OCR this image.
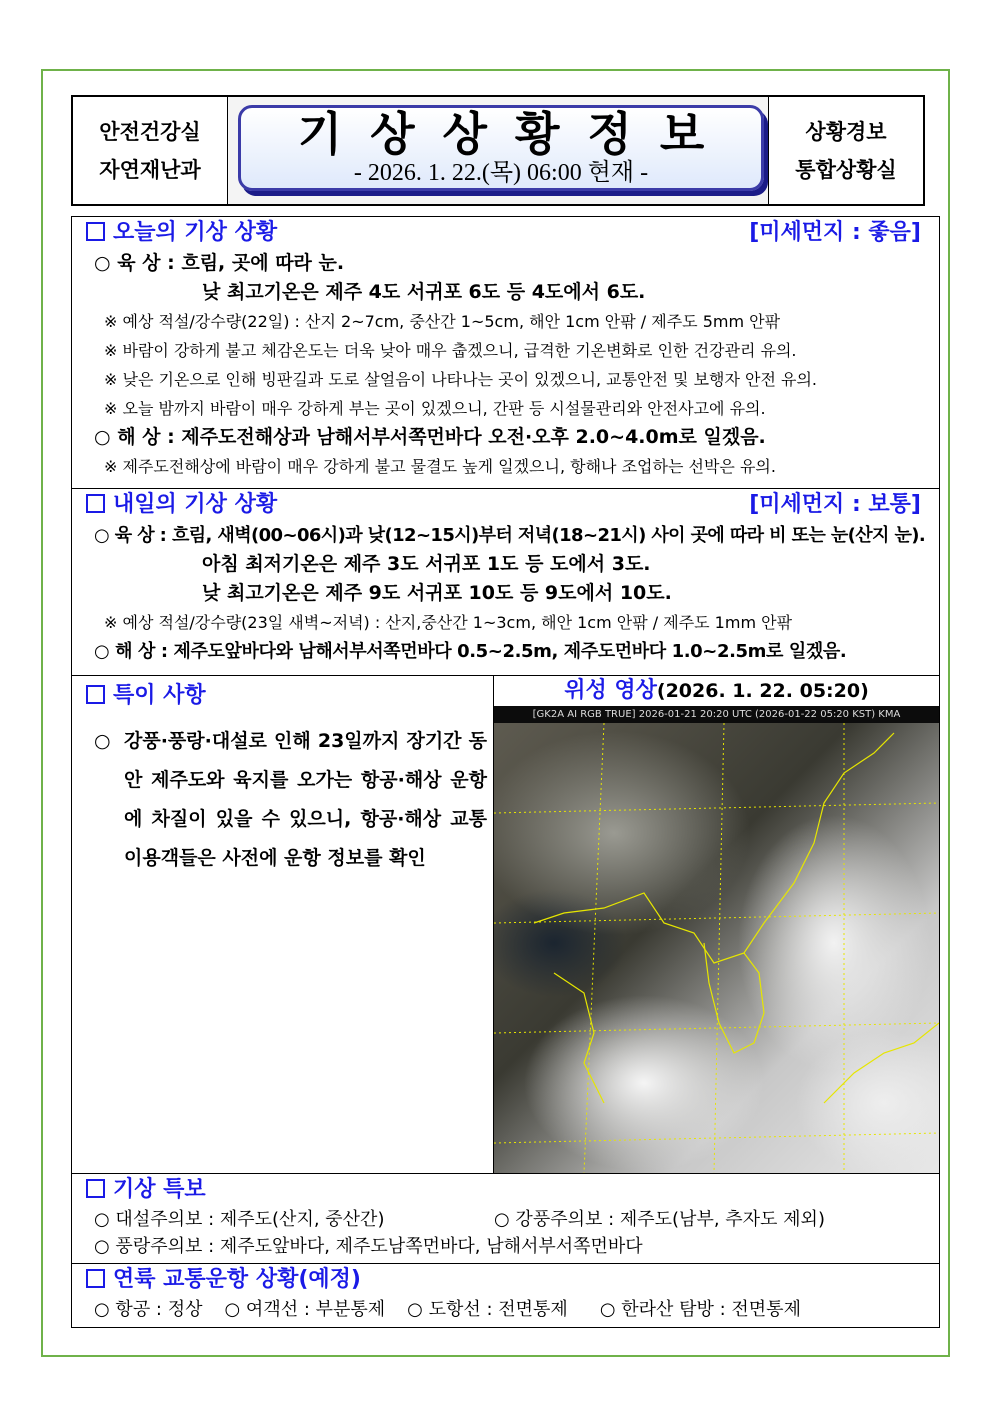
안전건강실
자연재난과
기상상황정보
- 2026. 1. 22.(목) 06:00 현재 -
상황경보
통합상황실
오늘의 기상 상황	[미세먼지 : 좋음]
○ 육 상 : 흐림, 곳에 따라 눈.
낮 최고기온은 제주 4도 서귀포 6도 등 4도에서 6도.
※ 예상 적설/강수량(22일) : 산지 2~7cm, 중산간 1~5cm, 해안 1cm 안팎 / 제주도 5mm 안팎
※ 바람이 강하게 불고 체감온도는 더욱 낮아 매우 춥겠으니, 급격한 기온변화로 인한 건강관리 유의.
※ 낮은 기온으로 인해 빙판길과 도로 살얼음이 나타나는 곳이 있겠으니, 교통안전 및 보행자 안전 유의.
※ 오늘 밤까지 바람이 매우 강하게 부는 곳이 있겠으니, 간판 등 시설물관리와 안전사고에 유의.
○ 해 상 : 제주도전해상과 남해서부서쪽먼바다 오전·오후 2.0~4.0m로 일겠음.
※ 제주도전해상에 바람이 매우 강하게 불고 물결도 높게 일겠으니, 항해나 조업하는 선박은 유의.
내일의 기상 상황	[미세먼지 : 보통]
○ 육 상 : 흐림, 새벽(00~06시)과 낮(12~15시)부터 저녁(18~21시) 사이 곳에 따라 비 또는 눈(산지 눈).
아침 최저기온은 제주 3도 서귀포 1도 등 도에서 3도.
낮 최고기온은 제주 9도 서귀포 10도 등 9도에서 10도.
※ 예상 적설/강수량(23일 새벽~저녁) : 산지,중산간 1~3cm, 해안 1cm 안팎 / 제주도 1mm 안팎
○ 해 상 : 제주도앞바다와 남해서부서쪽먼바다 0.5~2.5m, 제주도먼바다 1.0~2.5m로 일겠음.
특이 사항
○ 강풍·풍랑·대설로 인해 23일까지 장기간 동안 제주도와 육지를 오가는 항공·해상 운항에 차질이 있을 수 있으니, 항공·해상 교통 이용객들은 사전에 운항 정보를 확인

위성 영상(2026. 1. 22. 05:20)
[GK2A AI RGB TRUE] 2026-01-21 20:20 UTC (2026-01-22 05:20 KST) KMA
기상 특보
○ 대설주의보 : 제주도(산지, 중산간)	○ 강풍주의보 : 제주도(남부, 추자도 제외)
○ 풍랑주의보 : 제주도앞바다, 제주도남쪽먼바다, 남해서부서쪽먼바다
연륙 교통운항 상황(예정)
○ 항공 : 정상 ○ 여객선 : 부분통제 ○ 도항선 : 전면통제 ○ 한라산 탐방 : 전면통제
